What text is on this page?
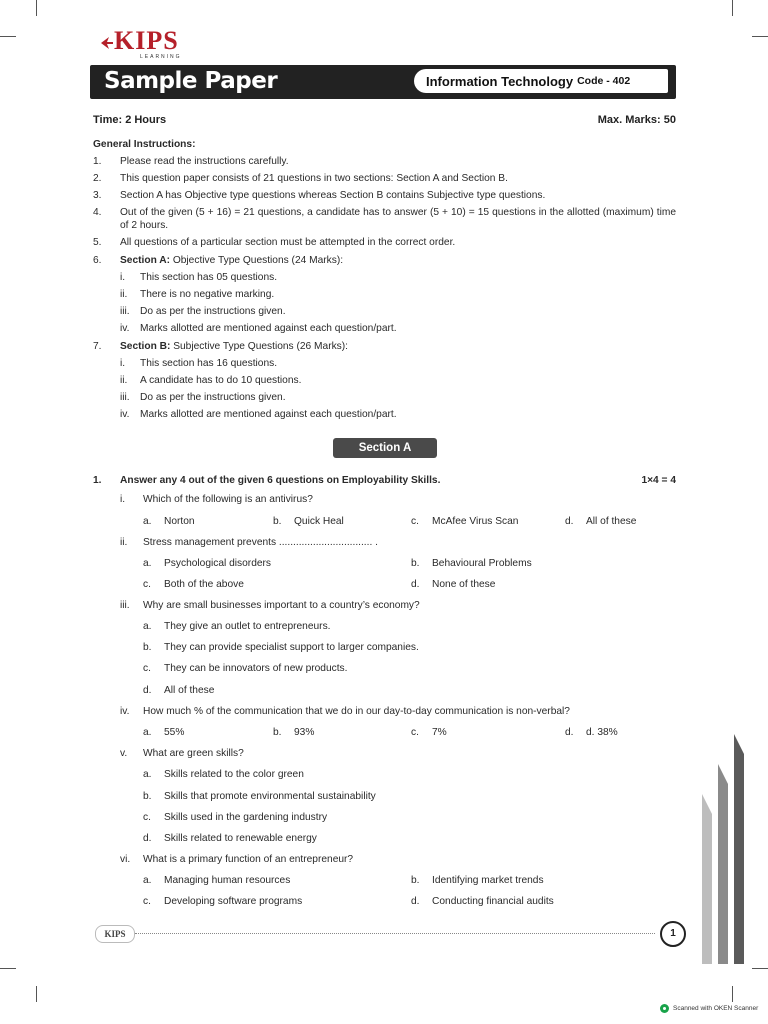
KIPS
LEARNING
Sample Paper	Information Technology Code - 402
Time: 2 Hours	Max. Marks: 50
General Instructions:
1. Please read the instructions carefully.
2. This question paper consists of 21 questions in two sections: Section A and Section B.
3. Section A has Objective type questions whereas Section B contains Subjective type questions.
4. Out of the given (5 + 16) = 21 questions, a candidate has to answer (5 + 10) = 15 questions in the allotted (maximum) time of 2 hours.
5. All questions of a particular section must be attempted in the correct order.
6. Section A: Objective Type Questions (24 Marks):
i. This section has 05 questions.
ii. There is no negative marking.
iii. Do as per the instructions given.
iv. Marks allotted are mentioned against each question/part.
7. Section B: Subjective Type Questions (26 Marks):
i. This section has 16 questions.
ii. A candidate has to do 10 questions.
iii. Do as per the instructions given.
iv. Marks allotted are mentioned against each question/part.
Section A
1. Answer any 4 out of the given 6 questions on Employability Skills.	1×4 = 4
i. Which of the following is an antivirus?
a. Norton	b. Quick Heal	c. McAfee Virus Scan	d. All of these
ii. Stress management prevents ................................. .
a. Psychological disorders	b. Behavioural Problems
c. Both of the above	d. None of these
iii. Why are small businesses important to a country’s economy?
a. They give an outlet to entrepreneurs.
b. They can provide specialist support to larger companies.
c. They can be innovators of new products.
d. All of these
iv. How much % of the communication that we do in our day-to-day communication is non-verbal?
a. 55%	b. 93%	c. 7%	d. d. 38%
v. What are green skills?
a. Skills related to the color green
b. Skills that promote environmental sustainability
c. Skills used in the gardening industry
d. Skills related to renewable energy
vi. What is a primary function of an entrepreneur?
a. Managing human resources	b. Identifying market trends
c. Developing software programs	d. Conducting financial audits
KIPS	1
Scanned with OKEN Scanner
